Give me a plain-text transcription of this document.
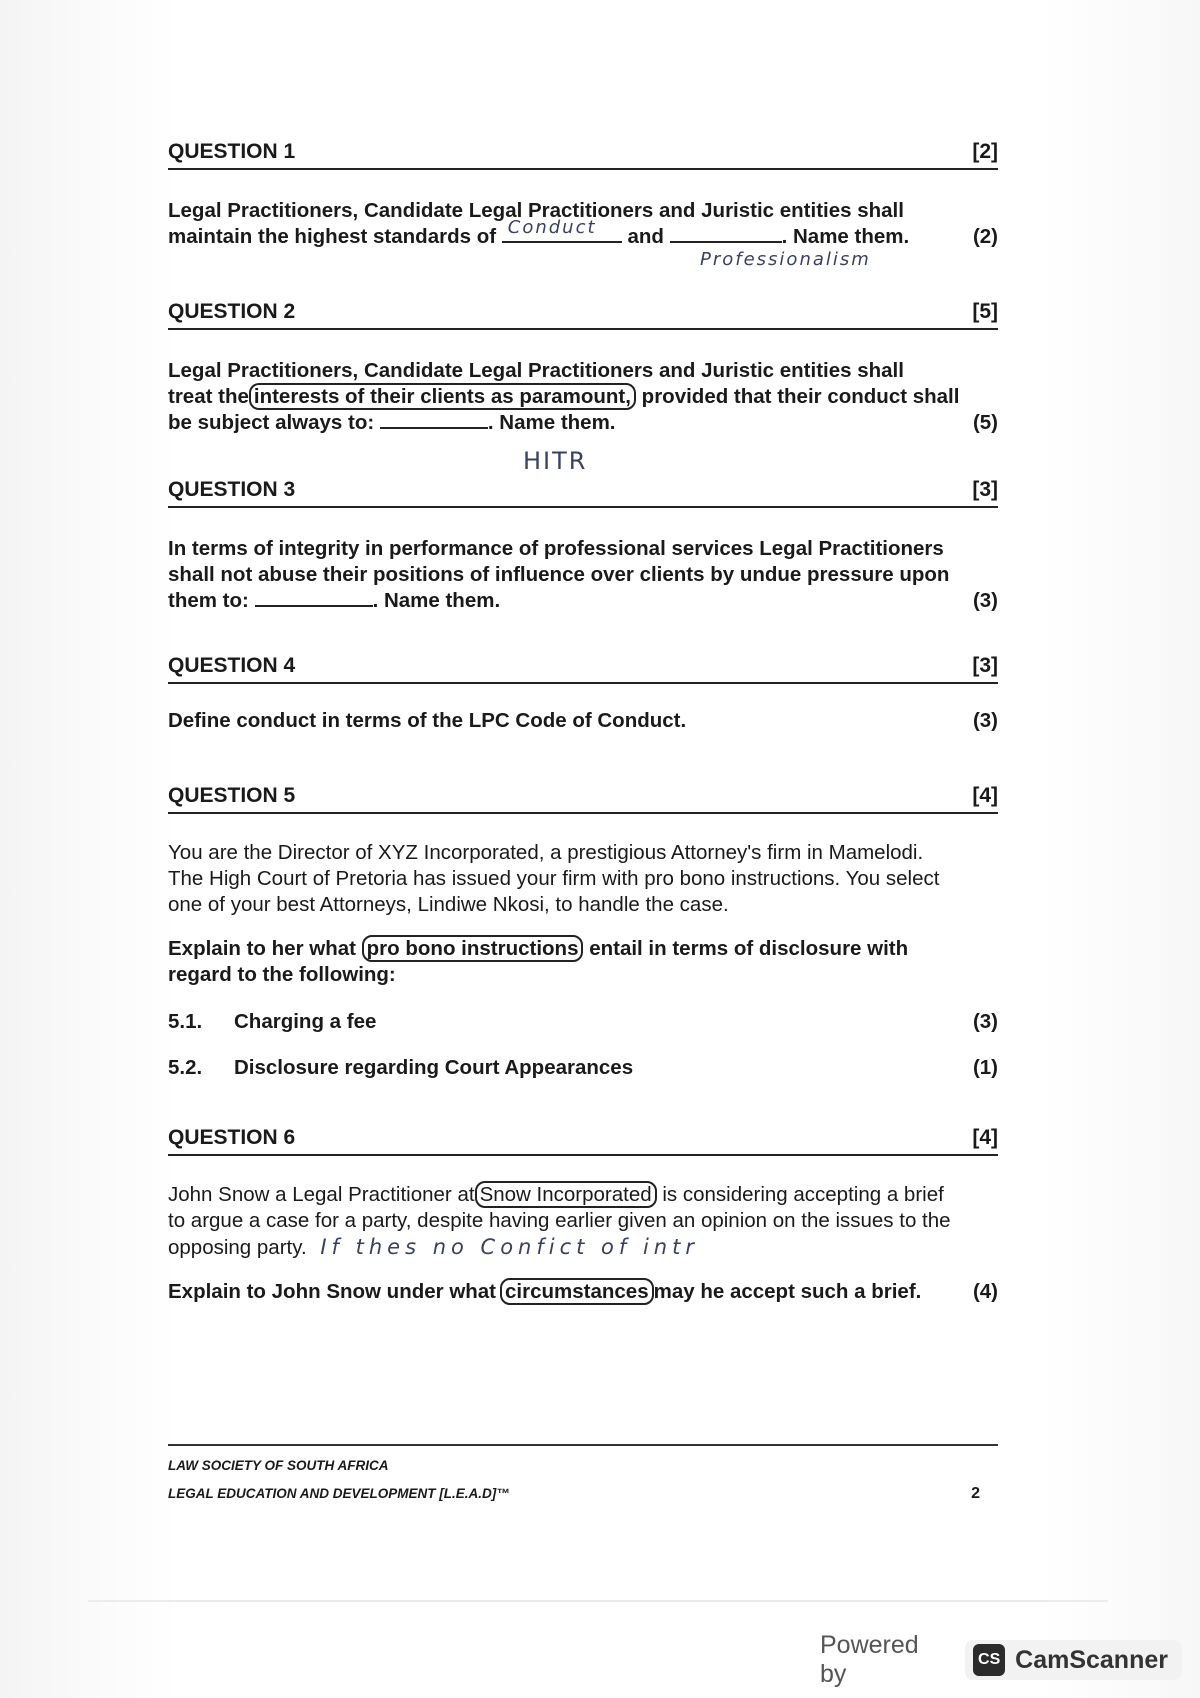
QUESTION 1	[2]
Legal Practitioners, Candidate Legal Practitioners and Juristic entities shall
maintain the highest standards of Conduct and	. Name them.	(2)
Professionalism
QUESTION 2	[5]
Legal Practitioners, Candidate Legal Practitioners and Juristic entities shall
treat the interests of their clients as paramount, provided that their conduct shall
be subject always to:	. Name them.	(5)
HITR
QUESTION 3	[3]
In terms of integrity in performance of professional services Legal Practitioners
shall not abuse their positions of influence over clients by undue pressure upon
them to:	. Name them.	(3)
QUESTION 4	[3]
Define conduct in terms of the LPC Code of Conduct.	(3)
QUESTION 5	[4]
You are the Director of XYZ Incorporated, a prestigious Attorney's firm in Mamelodi.
The High Court of Pretoria has issued your firm with pro bono instructions. You select
one of your best Attorneys, Lindiwe Nkosi, to handle the case.
Explain to her what pro bono instructions entail in terms of disclosure with
regard to the following:
5.1. Charging a fee	(3)
5.2. Disclosure regarding Court Appearances	(1)
QUESTION 6	[4]
John Snow a Legal Practitioner at Snow Incorporated is considering accepting a brief
to argue a case for a party, despite having earlier given an opinion on the issues to the
opposing party. If thes no Confict of intr
Explain to John Snow under what circumstances may he accept such a brief.	(4)
LAW SOCIETY OF SOUTH AFRICA
LEGAL EDUCATION AND DEVELOPMENT [L.E.A.D]™	2
Powered by
CS CamScanner
